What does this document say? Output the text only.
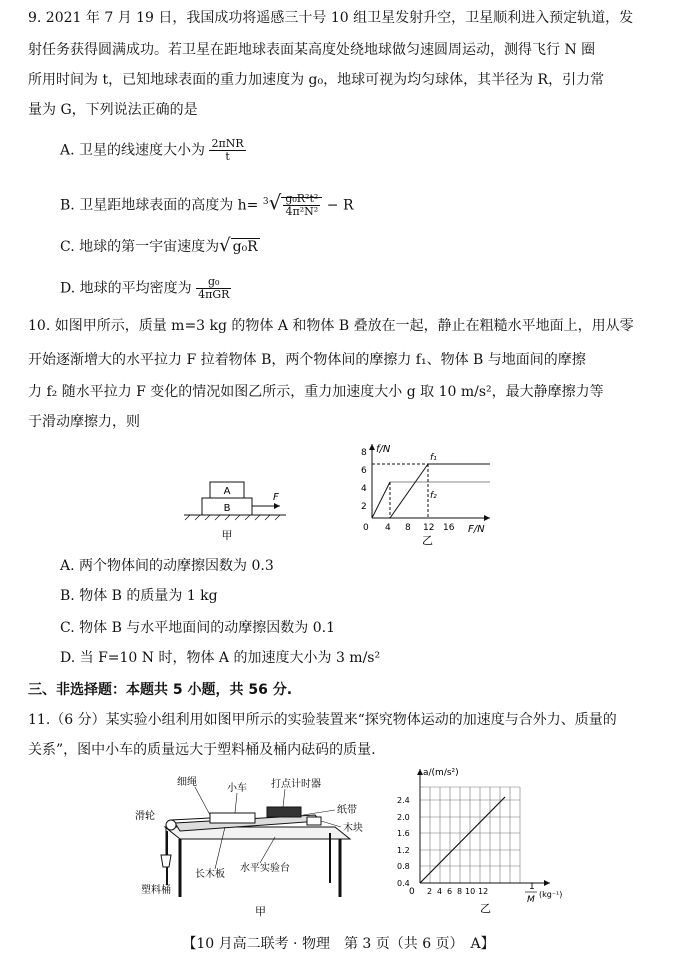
9. 2021 年 7 月 19 日，我国成功将遥感三十号 10 组卫星发射升空，卫星顺利进入预定轨道，发
射任务获得圆满成功。若卫星在距地球表面某高度处绕地球做匀速圆周运动，测得飞行 N 圈
所用时间为 t，已知地球表面的重力加速度为 g₀，地球可视为均匀球体，其半径为 R，引力常
量为 G，下列说法正确的是
A. 卫星的线速度大小为 $\frac{\text{2πNR}}{t}$
B. 卫星距地球表面的高度为 $h= ^3√ \frac{\text{g₀R²t²}}{\text{4π²N²}} - R$
C. 地球的第一宇宙速度为√ g₀R
D. 地球的平均密度为 $\frac{\text{g₀}}{\text{4πGR}}$
10. 如图甲所示，质量 m=3 kg 的物体 A 和物体 B 叠放在一起，静止在粗糙水平地面上，用从零
开始逐渐增大的水平拉力 F 拉着物体 B，两个物体间的摩擦力 f₁、物体 B 与地面间的摩擦
力 f₂ 随水平拉力 F 变化的情况如图乙所示，重力加速度大小 g 取 10 m/s²，最大静摩擦力等
于滑动摩擦力，则
A
B
F
甲
f/N
F/N
0
2
4
6
8
4 8 12 16
f₁
f₂
乙
A. 两个物体间的动摩擦因数为 0.3
B. 物体 B 的质量为 1 kg
C. 物体 B 与水平地面间的动摩擦因数为 0.1
D. 当 F=10 N 时，物体 A 的加速度大小为 3 m/s²
三、非选择题：本题共 5 小题，共 56 分.
11.（6 分）某实验小组利用如图甲所示的实验装置来“探究物体运动的加速度与合外力、质量的
关系”，图中小车的质量远大于塑料桶及桶内砝码的质量.
细绳
小车 打点计时器
滑轮
纸带
木块
塑料桶
长木板
水平实验台
甲
a/(m/s²)
0
0.4
0.8
1.2
1.6
2.0
2.4
2 4 6 8 10 12	1
M
(kg⁻¹)
乙
【10 月高二联考 · 物理　第 3 页（共 6 页）　A】
